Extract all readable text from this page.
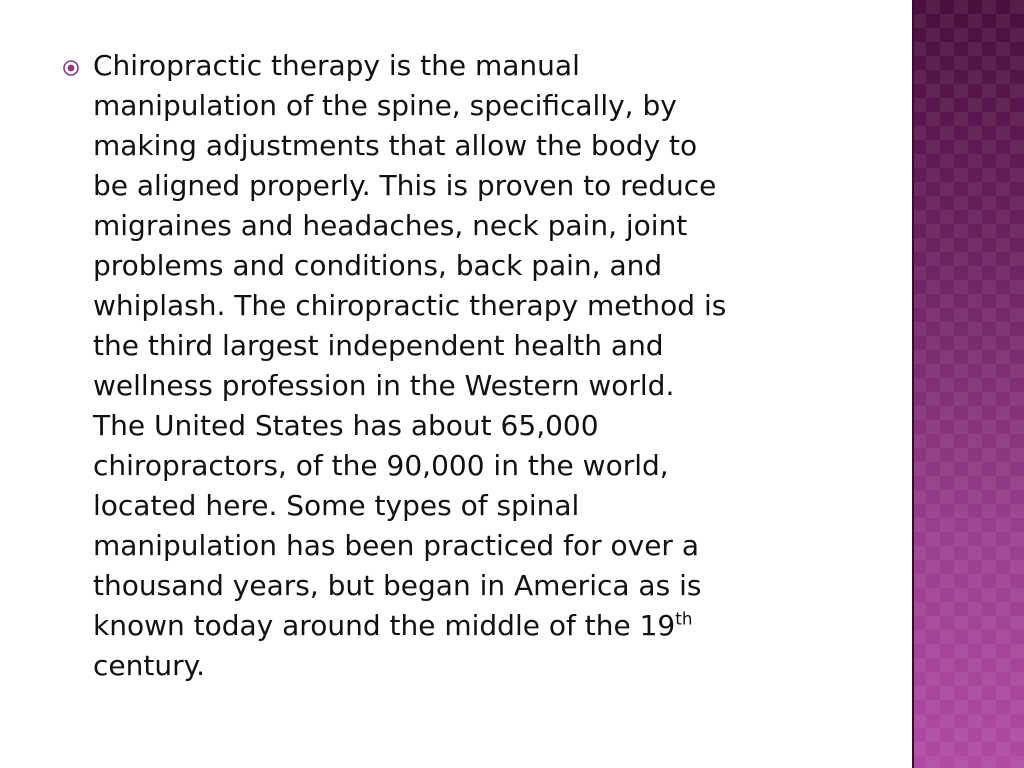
Chiropractic therapy is the manual
manipulation of the spine, specifically, by
making adjustments that allow the body to
be aligned properly. This is proven to reduce
migraines and headaches, neck pain, joint
problems and conditions, back pain, and
whiplash. The chiropractic therapy method is
the third largest independent health and
wellness profession in the Western world.
The United States has about 65,000
chiropractors, of the 90,000 in the world,
located here. Some types of spinal
manipulation has been practiced for over a
thousand years, but began in America as is
known today around the middle of the 19th
century.
